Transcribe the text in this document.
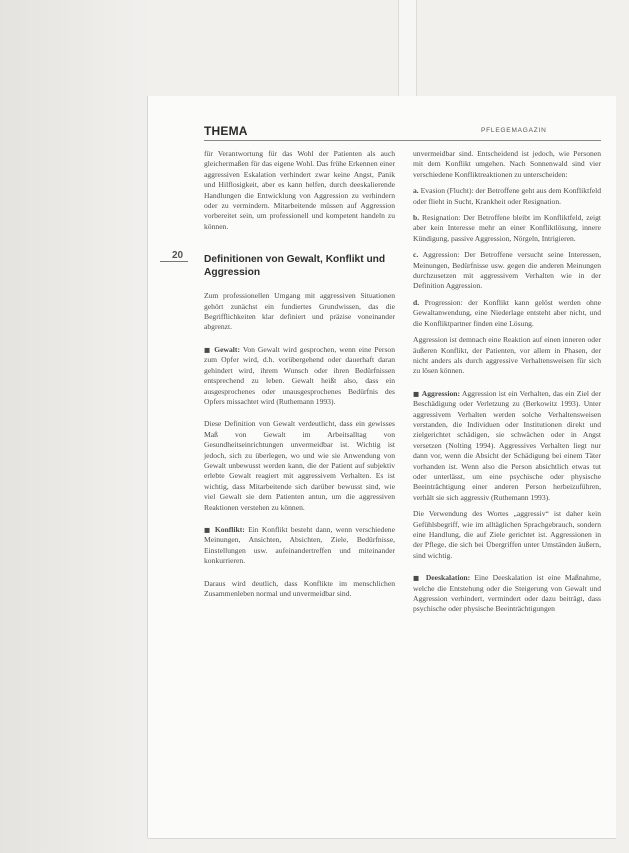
20
THEMA	PFLEGEMAGAZIN

für Verantwortung für das Wohl der Patienten als auch gleichermaßen für das eigene Wohl. Das frühe Erkennen einer aggressiven Eskalation verhindert zwar keine Angst, Panik und Hilflosigkeit, aber es kann helfen, durch deeskalierende Handlungen die Entwicklung von Aggression zu verhindern oder zu vermindern. Mitarbeitende müssen auf Aggression vorbereitet sein, um professionell und kompetent handeln zu können.

Definitionen von Gewalt, Konflikt und Aggression

Zum professionellen Umgang mit aggressiven Situationen gehört zunächst ein fundiertes Grundwissen, das die Begrifflichkeiten klar definiert und präzise voneinander abgrenzt.

■ Gewalt: Von Gewalt wird gesprochen, wenn eine Person zum Opfer wird, d.h. vorübergehend oder dauerhaft daran gehindert wird, ihrem Wunsch oder ihren Bedürfnissen entsprechend zu leben. Gewalt heißt also, dass ein ausgesprochenes oder unausgesprochenes Bedürfnis des Opfers missachtet wird (Ruthemann 1993).

Diese Definition von Gewalt verdeutlicht, dass ein gewisses Maß von Gewalt im Arbeitsalltag von Gesundheitseinrichtungen unvermeidbar ist. Wichtig ist jedoch, sich zu überlegen, wo und wie sie Anwendung von Gewalt unbewusst werden kann, die der Patient auf subjektiv erlebte Gewalt reagiert mit aggressivem Verhalten. Es ist wichtig, dass Mitarbeitende sich darüber bewusst sind, wie viel Gewalt sie dem Patienten antun, um die aggressiven Reaktionen verstehen zu können.

■ Konflikt: Ein Konflikt besteht dann, wenn verschiedene Meinungen, Ansichten, Absichten, Ziele, Bedürfnisse, Einstellungen usw. aufeinandertreffen und miteinander konkurrieren.

Daraus wird deutlich, dass Konflikte im menschlichen Zusammenleben normal und unvermeidbar sind.

unvermeidbar sind. Entscheidend ist jedoch, wie Personen mit dem Konflikt umgehen. Nach Sonnenwald sind vier verschiedene Konfliktreaktionen zu unterscheiden:

a. Evasion (Flucht): der Betroffene geht aus dem Konfliktfeld oder flieht in Sucht, Krankheit oder Resignation.

b. Resignation: Der Betroffene bleibt im Konfliktfeld, zeigt aber kein Interesse mehr an einer Konfliktlösung, innere Kündigung, passive Aggression, Nörgeln, Intrigieren.

c. Aggression: Der Betroffene versucht seine Interessen, Meinungen, Bedürfnisse usw. gegen die anderen Meinungen durchzusetzen mit aggressivem Verhalten wie in der Definition Aggression.

d. Progression: der Konflikt kann gelöst werden ohne Gewaltanwendung, eine Niederlage entsteht aber nicht, und die Konfliktpartner finden eine Lösung.

Aggression ist demnach eine Reaktion auf einen inneren oder äußeren Konflikt, der Patienten, vor allem in Phasen, der nicht anders als durch aggressive Verhaltensweisen für sich zu lösen können.

■ Aggression: Aggression ist ein Verhalten, das ein Ziel der Beschädigung oder Verletzung zu (Berkowitz 1993). Unter aggressivem Verhalten werden solche Verhaltensweisen verstanden, die Individuen oder Institutionen direkt und zielgerichtet schädigen, sie schwächen oder in Angst versetzen (Nolting 1994). Aggressives Verhalten liegt nur dann vor, wenn die Absicht der Schädigung bei einem Täter vorhanden ist. Wenn also die Person absichtlich etwas tut oder unterlässt, um eine psychische oder physische Beeinträchtigung einer anderen Person herbeizuführen, verhält sie sich aggressiv (Ruthemann 1993).

Die Verwendung des Wortes „aggressiv“ ist daher kein Gefühlsbegriff, wie im alltäglichen Sprachgebrauch, sondern eine Handlung, die auf Ziele gerichtet ist. Aggressionen in der Pflege, die sich bei Übergriffen unter Umständen äußern, sind wichtig.

■ Deeskalation: Eine Deeskalation ist eine Maßnahme, welche die Entstehung oder die Steigerung von Gewalt und Aggression verhindert, vermindert oder dazu beiträgt, dass psychische oder physische Beeinträchtigungen
